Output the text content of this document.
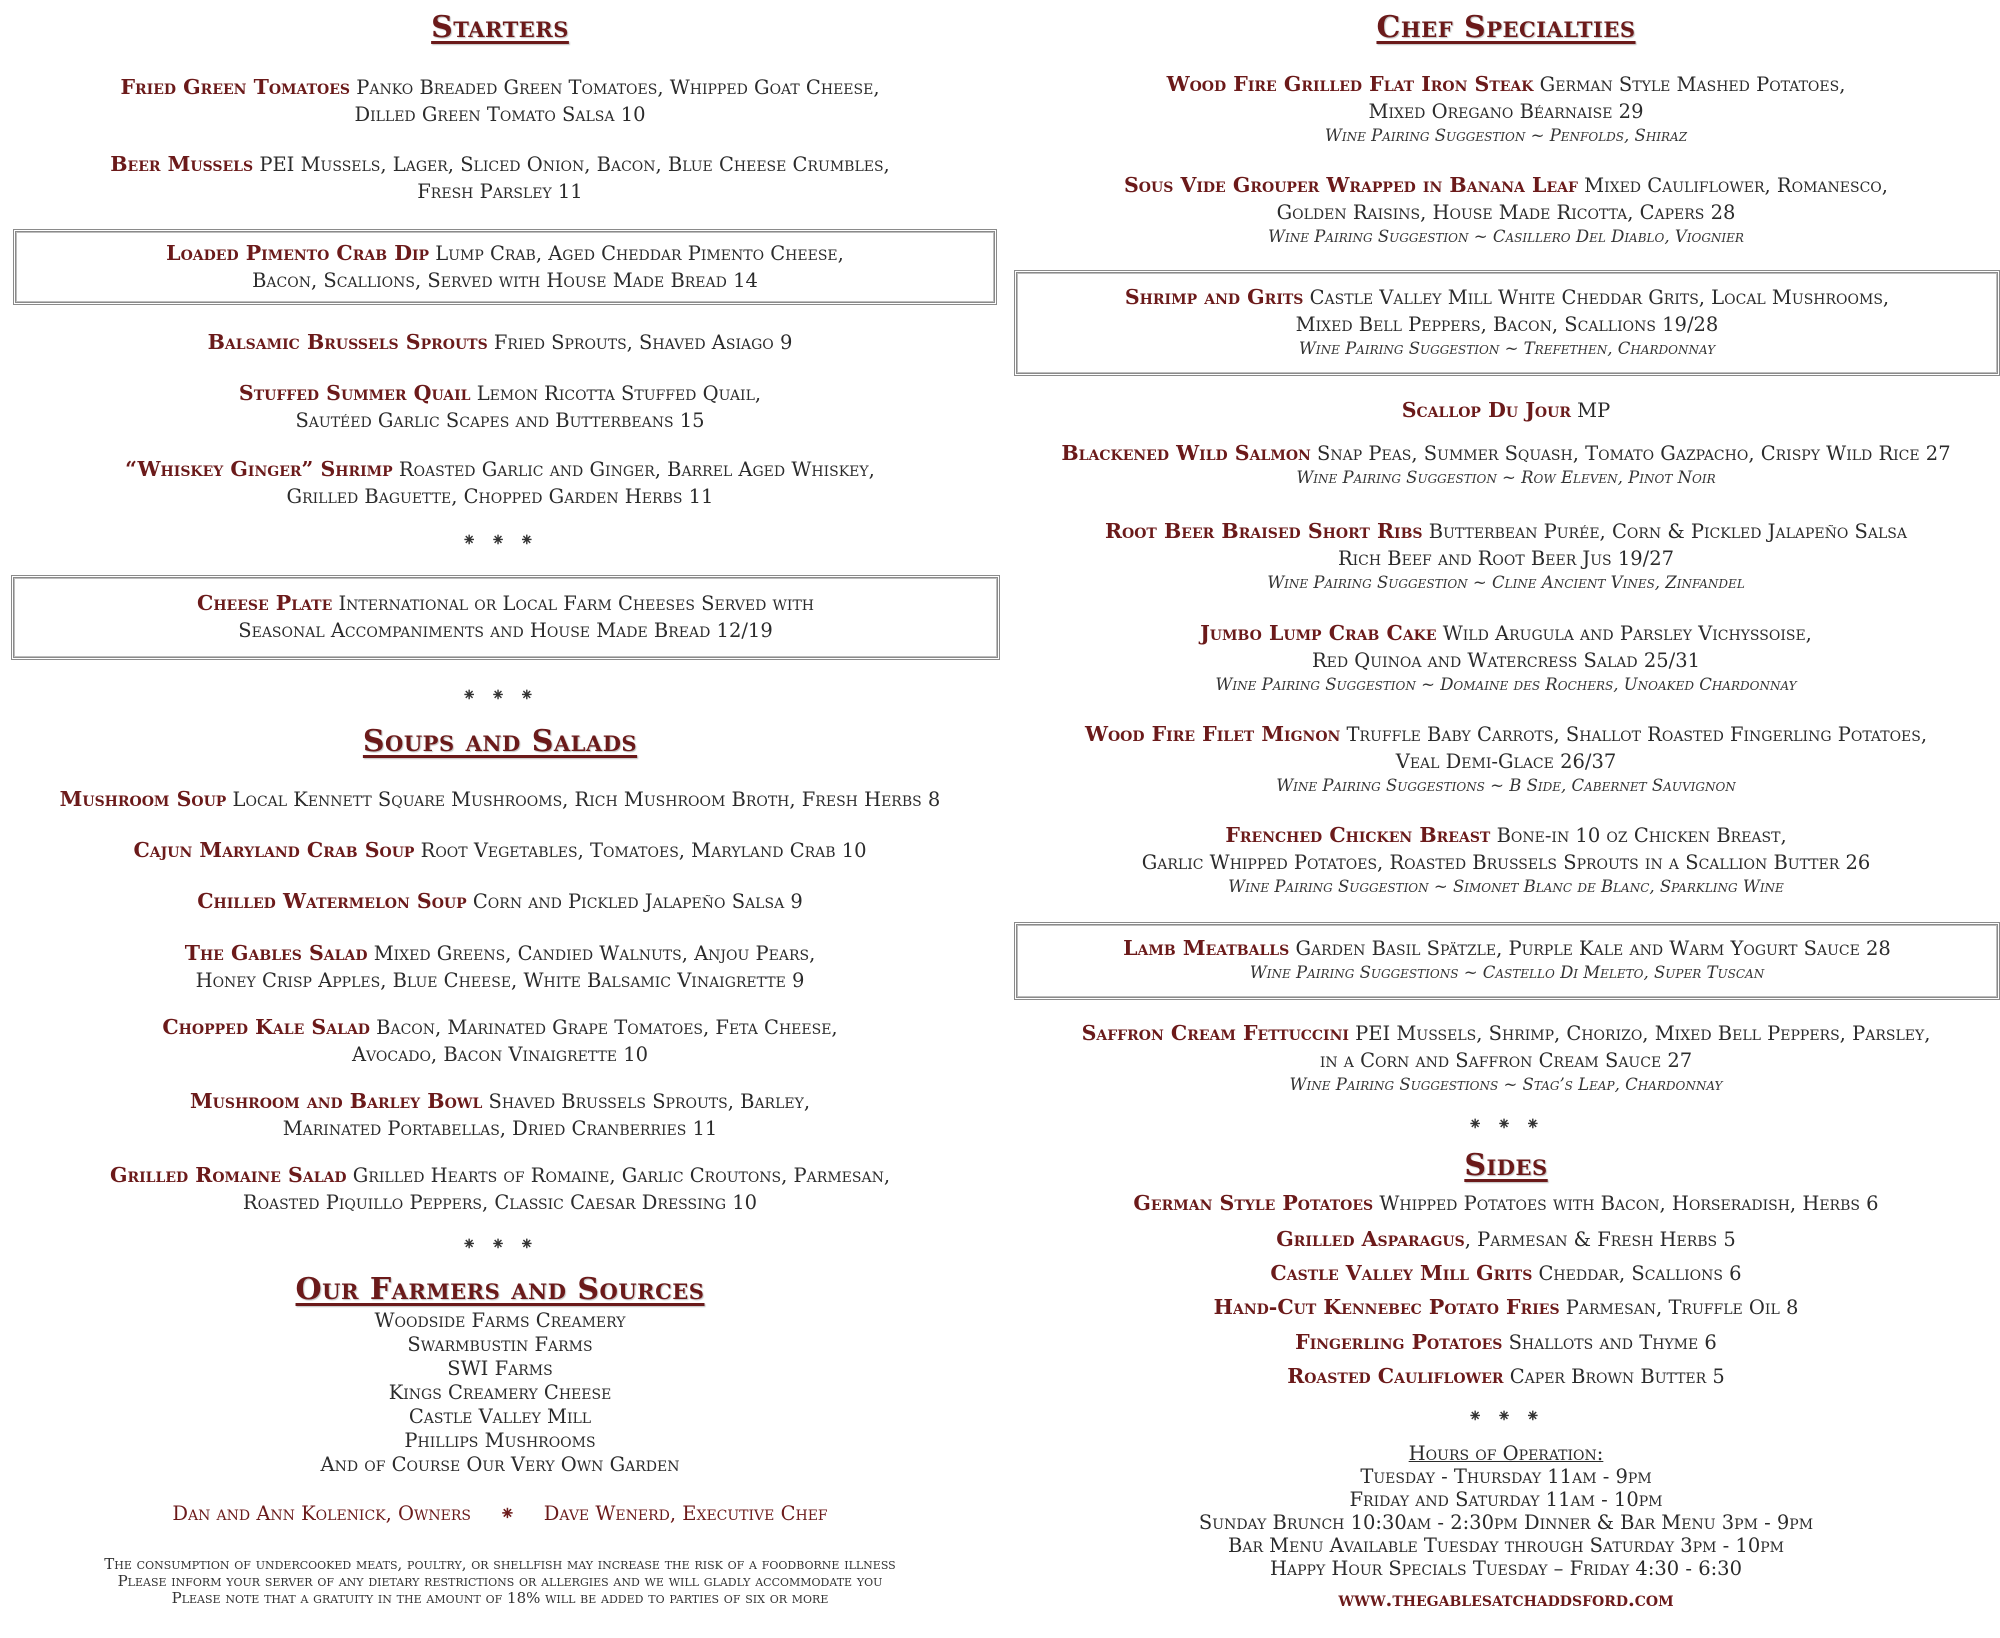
Starters
Fried Green Tomatoes Panko Breaded Green Tomatoes, Whipped Goat Cheese,
Dilled Green Tomato Salsa 10
Beer Mussels PEI Mussels, Lager, Sliced Onion, Bacon, Blue Cheese Crumbles,
Fresh Parsley 11
Loaded Pimento Crab Dip Lump Crab, Aged Cheddar Pimento Cheese,
Bacon, Scallions, Served with House Made Bread 14
Balsamic Brussels Sprouts Fried Sprouts, Shaved Asiago 9
Stuffed Summer Quail Lemon Ricotta Stuffed Quail,
Sautéed Garlic Scapes and Butterbeans 15
“Whiskey Ginger” Shrimp Roasted Garlic and Ginger, Barrel Aged Whiskey,
Grilled Baguette, Chopped Garden Herbs 11
⁕ ⁕ ⁕
Cheese Plate International or Local Farm Cheeses Served with
Seasonal Accompaniments and House Made Bread 12/19
⁕ ⁕ ⁕
Soups and Salads
Mushroom Soup Local Kennett Square Mushrooms, Rich Mushroom Broth, Fresh Herbs 8
Cajun Maryland Crab Soup Root Vegetables, Tomatoes, Maryland Crab 10
Chilled Watermelon Soup Corn and Pickled Jalapeño Salsa 9
The Gables Salad Mixed Greens, Candied Walnuts, Anjou Pears,
Honey Crisp Apples, Blue Cheese, White Balsamic Vinaigrette 9
Chopped Kale Salad Bacon, Marinated Grape Tomatoes, Feta Cheese,
Avocado, Bacon Vinaigrette 10
Mushroom and Barley Bowl Shaved Brussels Sprouts, Barley,
Marinated Portabellas, Dried Cranberries 11
Grilled Romaine Salad Grilled Hearts of Romaine, Garlic Croutons, Parmesan,
Roasted Piquillo Peppers, Classic Caesar Dressing 10
⁕ ⁕ ⁕
Our Farmers and Sources
Woodside Farms Creamery
Swarmbustin Farms
SWI Farms
Kings Creamery Cheese
Castle Valley Mill
Phillips Mushrooms
And of Course Our Very Own Garden
Dan and Ann Kolenick, Owners ⁕ Dave Wenerd, Executive Chef
The consumption of undercooked meats, poultry, or shellfish may increase the risk of a foodborne illness
Please inform your server of any dietary restrictions or allergies and we will gladly accommodate you
Please note that a gratuity in the amount of 18% will be added to parties of six or more
Chef Specialties
Wood Fire Grilled Flat Iron Steak German Style Mashed Potatoes,
Mixed Oregano Béarnaise 29
Wine Pairing Suggestion ~ Penfolds, Shiraz
Sous Vide Grouper Wrapped in Banana Leaf Mixed Cauliflower, Romanesco,
Golden Raisins, House Made Ricotta, Capers 28
Wine Pairing Suggestion ~ Casillero Del Diablo, Viognier
Shrimp and Grits Castle Valley Mill White Cheddar Grits, Local Mushrooms,
Mixed Bell Peppers, Bacon, Scallions 19/28
Wine Pairing Suggestion ~ Trefethen, Chardonnay
Scallop Du Jour MP
Blackened Wild Salmon Snap Peas, Summer Squash, Tomato Gazpacho, Crispy Wild Rice 27
Wine Pairing Suggestion ~ Row Eleven, Pinot Noir
Root Beer Braised Short Ribs Butterbean Purée, Corn & Pickled Jalapeño Salsa
Rich Beef and Root Beer Jus 19/27
Wine Pairing Suggestion ~ Cline Ancient Vines, Zinfandel
Jumbo Lump Crab Cake Wild Arugula and Parsley Vichyssoise,
Red Quinoa and Watercress Salad 25/31
Wine Pairing Suggestion ~ Domaine des Rochers, Unoaked Chardonnay
Wood Fire Filet Mignon Truffle Baby Carrots, Shallot Roasted Fingerling Potatoes,
Veal Demi-Glace 26/37
Wine Pairing Suggestions ~ B Side, Cabernet Sauvignon
Frenched Chicken Breast Bone-in 10 oz Chicken Breast,
Garlic Whipped Potatoes, Roasted Brussels Sprouts in a Scallion Butter 26
Wine Pairing Suggestion ~ Simonet Blanc de Blanc, Sparkling Wine
Lamb Meatballs Garden Basil Spätzle, Purple Kale and Warm Yogurt Sauce 28
Wine Pairing Suggestions ~ Castello Di Meleto, Super Tuscan
Saffron Cream Fettuccini PEI Mussels, Shrimp, Chorizo, Mixed Bell Peppers, Parsley,
in a Corn and Saffron Cream Sauce 27
Wine Pairing Suggestions ~ Stag’s Leap, Chardonnay
⁕ ⁕ ⁕
Sides
German Style Potatoes Whipped Potatoes with Bacon, Horseradish, Herbs 6
Grilled Asparagus, Parmesan & Fresh Herbs 5
Castle Valley Mill Grits Cheddar, Scallions 6
Hand-Cut Kennebec Potato Fries Parmesan, Truffle Oil 8
Fingerling Potatoes Shallots and Thyme 6
Roasted Cauliflower Caper Brown Butter 5
⁕ ⁕ ⁕
Hours of Operation:
Tuesday - Thursday 11am - 9pm
Friday and Saturday 11am - 10pm
Sunday Brunch 10:30am - 2:30pm Dinner & Bar Menu 3pm - 9pm
Bar Menu Available Tuesday through Saturday 3pm - 10pm
Happy Hour Specials Tuesday – Friday 4:30 - 6:30
www.thegablesatchaddsford.com
